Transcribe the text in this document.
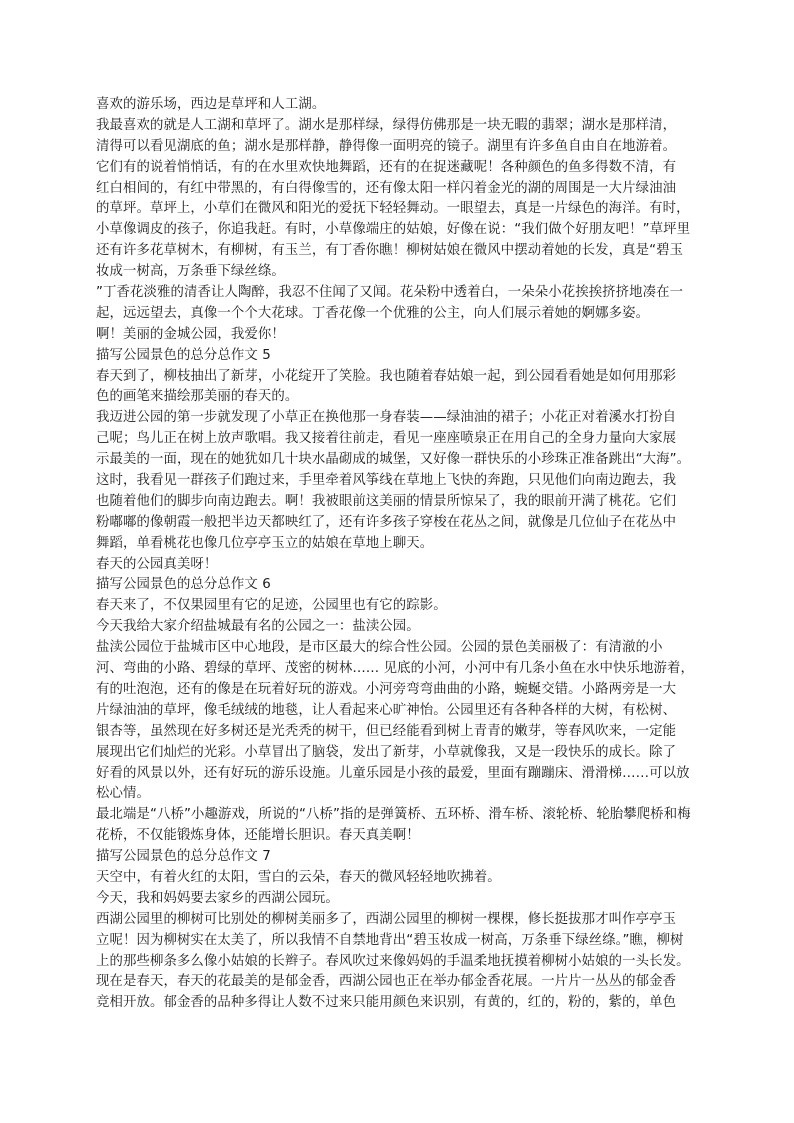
喜欢的游乐场，西边是草坪和人工湖。
我最喜欢的就是人工湖和草坪了。湖水是那样绿，绿得仿佛那是一块无暇的翡翠；湖水是那样清，
清得可以看见湖底的鱼；湖水是那样静，静得像一面明亮的镜子。湖里有许多鱼自由自在地游着。
它们有的说着悄悄话，有的在水里欢快地舞蹈，还有的在捉迷藏呢！各种颜色的鱼多得数不清，有
红白相间的，有红中带黑的，有白得像雪的，还有像太阳一样闪着金光的湖的周围是一大片绿油油
的草坪。草坪上，小草们在微风和阳光的爱抚下轻轻舞动。一眼望去，真是一片绿色的海洋。有时，
小草像调皮的孩子，你追我赶。有时，小草像端庄的姑娘，好像在说：“我们做个好朋友吧！”草坪里
还有许多花草树木，有柳树，有玉兰，有丁香你瞧！柳树姑娘在微风中摆动着她的长发，真是“碧玉
妆成一树高，万条垂下绿丝绦。
”丁香花淡雅的清香让人陶醉，我忍不住闻了又闻。花朵粉中透着白，一朵朵小花挨挨挤挤地凑在一
起，远远望去，真像一个个大花球。丁香花像一个优雅的公主，向人们展示着她的婀娜多姿。
啊！美丽的金城公园，我爱你！
描写公园景色的总分总作文 5
春天到了，柳枝抽出了新芽，小花绽开了笑脸。我也随着春姑娘一起，到公园看看她是如何用那彩
色的画笔来描绘那美丽的春天的。
我迈进公园的第一步就发现了小草正在换他那一身春装——绿油油的裙子；小花正对着溪水打扮自
己呢；鸟儿正在树上放声歌唱。我又接着往前走，看见一座座喷泉正在用自己的全身力量向大家展
示最美的一面，现在的她犹如几十块水晶砌成的城堡，又好像一群快乐的小珍珠正准备跳出“大海”。
这时，我看见一群孩子们跑过来，手里牵着风筝线在草地上飞快的奔跑，只见他们向南边跑去，我
也随着他们的脚步向南边跑去。啊！我被眼前这美丽的情景所惊呆了，我的眼前开满了桃花。它们
粉嘟嘟的像朝霞一般把半边天都映红了，还有许多孩子穿梭在花丛之间，就像是几位仙子在花丛中
舞蹈，单看桃花也像几位亭亭玉立的姑娘在草地上聊天。
春天的公园真美呀！
描写公园景色的总分总作文 6
春天来了，不仅果园里有它的足迹，公园里也有它的踪影。
今天我给大家介绍盐城最有名的公园之一：盐渎公园。
盐渎公园位于盐城市区中心地段，是市区最大的综合性公园。公园的景色美丽极了：有清澈的小
河、弯曲的小路、碧绿的草坪、茂密的树林…… 见底的小河，小河中有几条小鱼在水中快乐地游着，
有的吐泡泡，还有的像是在玩着好玩的游戏。小河旁弯弯曲曲的小路，蜿蜒交错。小路两旁是一大
片绿油油的草坪，像毛绒绒的地毯，让人看起来心旷神怡。公园里还有各种各样的大树，有松树、
银杏等，虽然现在好多树还是光秃秃的树干，但已经能看到树上青青的嫩芽，等春风吹来，一定能
展现出它们灿烂的光彩。小草冒出了脑袋，发出了新芽，小草就像我，又是一段快乐的成长。除了
好看的风景以外，还有好玩的游乐设施。儿童乐园是小孩的最爱，里面有蹦蹦床、滑滑梯……可以放
松心情。
最北端是“八桥”小趣游戏，所说的“八桥”指的是弹簧桥、五环桥、滑车桥、滚轮桥、轮胎攀爬桥和梅
花桥，不仅能锻炼身体，还能增长胆识。春天真美啊！
描写公园景色的总分总作文 7
天空中，有着火红的太阳，雪白的云朵，春天的微风轻轻地吹拂着。
今天，我和妈妈要去家乡的西湖公园玩。
西湖公园里的柳树可比别处的柳树美丽多了，西湖公园里的柳树一棵棵，修长挺拔那才叫作亭亭玉
立呢！因为柳树实在太美了，所以我情不自禁地背出“碧玉妆成一树高，万条垂下绿丝绦。”瞧，柳树
上的那些柳条多么像小姑娘的长辫子。春风吹过来像妈妈的手温柔地抚摸着柳树小姑娘的一头长发。
现在是春天，春天的花最美的是郁金香，西湖公园也正在举办郁金香花展。一片片一丛丛的郁金香
竞相开放。郁金香的品种多得让人数不过来只能用颜色来识别，有黄的，红的，粉的，紫的，单色
